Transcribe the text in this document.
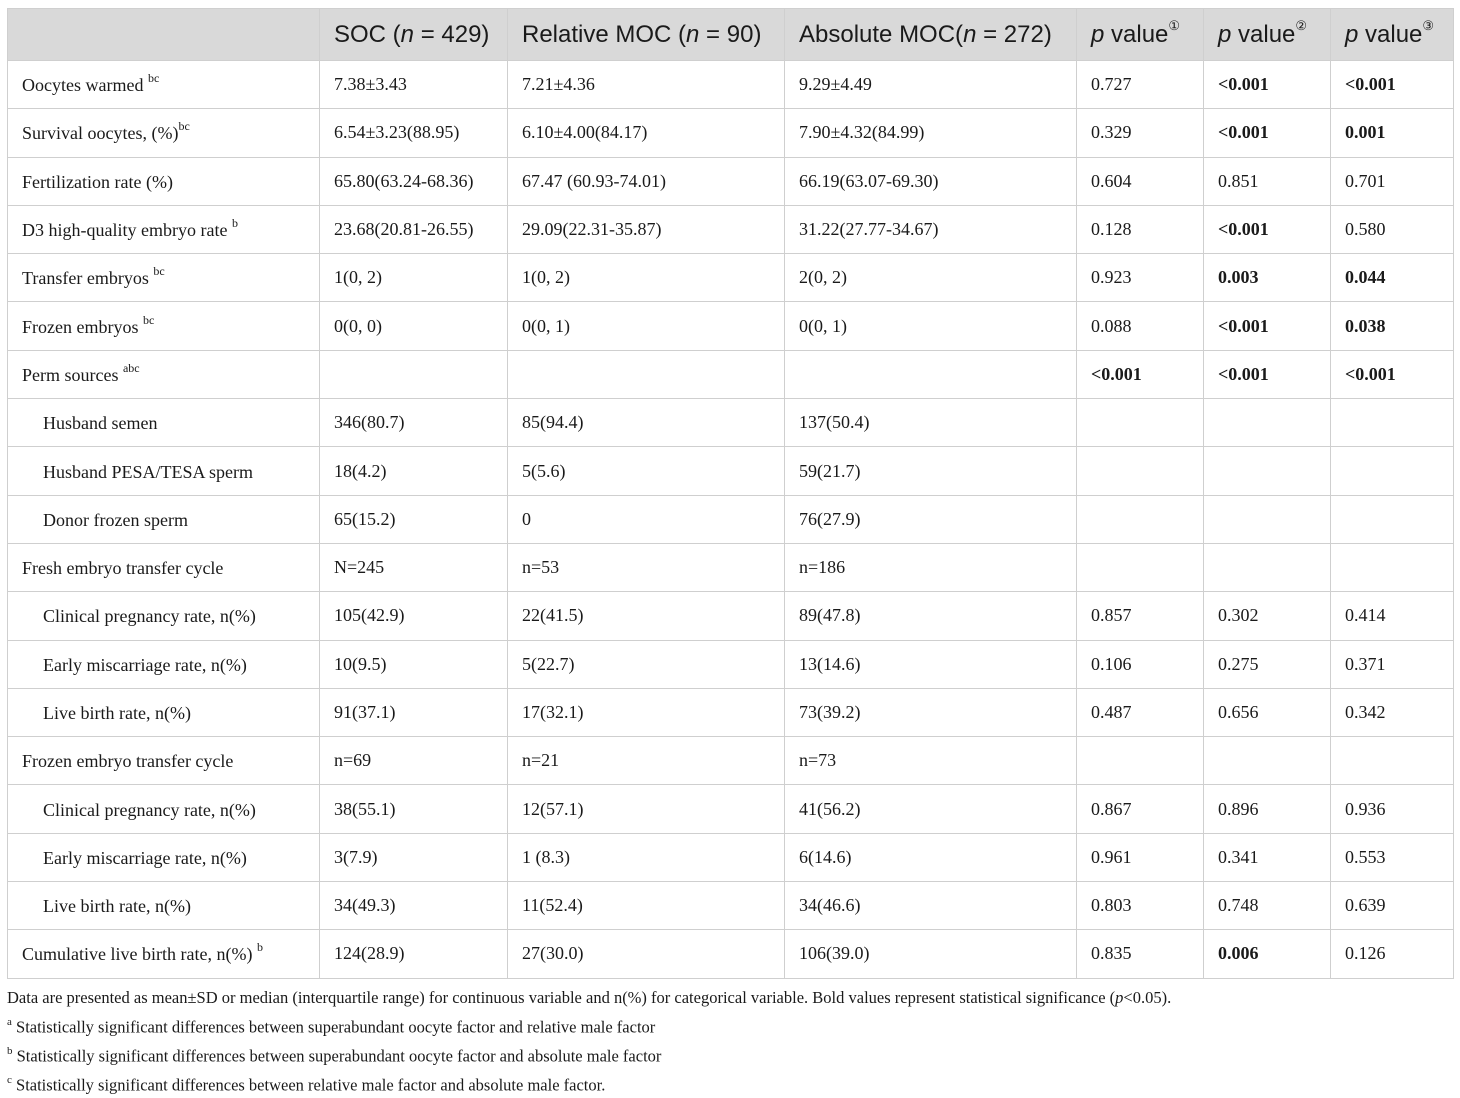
	SOC (n = 429)	Relative MOC (n = 90)	Absolute MOC(n = 272)	p value①	p value②	p value③
Oocytes warmed $^{bc}$	7.38±3.43	7.21±4.36	9.29±4.49	0.727	<0.001	<0.001
Survival oocytes, (%)$^{bc}$	6.54±3.23(88.95)	6.10±4.00(84.17)	7.90±4.32(84.99)	0.329	<0.001	0.001
Fertilization rate (%)	65.80(63.24-68.36)	67.47 (60.93-74.01)	66.19(63.07-69.30)	0.604	0.851	0.701
D3 high-quality embryo rate $^b$	23.68(20.81-26.55)	29.09(22.31-35.87)	31.22(27.77-34.67)	0.128	<0.001	0.580
Transfer embryos $^{bc}$	1(0, 2)	1(0, 2)	2(0, 2)	0.923	0.003	0.044
Frozen embryos $^{bc}$	0(0, 0)	0(0, 1)	0(0, 1)	0.088	<0.001	0.038
Perm sources $^{abc}$				<0.001	<0.001	<0.001
Husband semen	346(80.7)	85(94.4)	137(50.4)			
Husband PESA/TESA sperm	18(4.2)	5(5.6)	59(21.7)			
Donor frozen sperm	65(15.2)	0	76(27.9)			
Fresh embryo transfer cycle	N=245	n=53	n=186			
Clinical pregnancy rate, n(%)	105(42.9)	22(41.5)	89(47.8)	0.857	0.302	0.414
Early miscarriage rate, n(%)	10(9.5)	5(22.7)	13(14.6)	0.106	0.275	0.371
Live birth rate, n(%)	91(37.1)	17(32.1)	73(39.2)	0.487	0.656	0.342
Frozen embryo transfer cycle	n=69	n=21	n=73			
Clinical pregnancy rate, n(%)	38(55.1)	12(57.1)	41(56.2)	0.867	0.896	0.936
Early miscarriage rate, n(%)	3(7.9)	1 (8.3)	6(14.6)	0.961	0.341	0.553
Live birth rate, n(%)	34(49.3)	11(52.4)	34(46.6)	0.803	0.748	0.639
Cumulative live birth rate, n(%) $^b$	124(28.9)	27(30.0)	106(39.0)	0.835	0.006	0.126

Data are presented as mean±SD or median (interquartile range) for continuous variable and n(%) for categorical variable. Bold values represent statistical significance (p<0.05).

$^a$ Statistically significant differences between superabundant oocyte factor and relative male factor

$^b$ Statistically significant differences between superabundant oocyte factor and absolute male factor

$^c$ Statistically significant differences between relative male factor and absolute male factor.
